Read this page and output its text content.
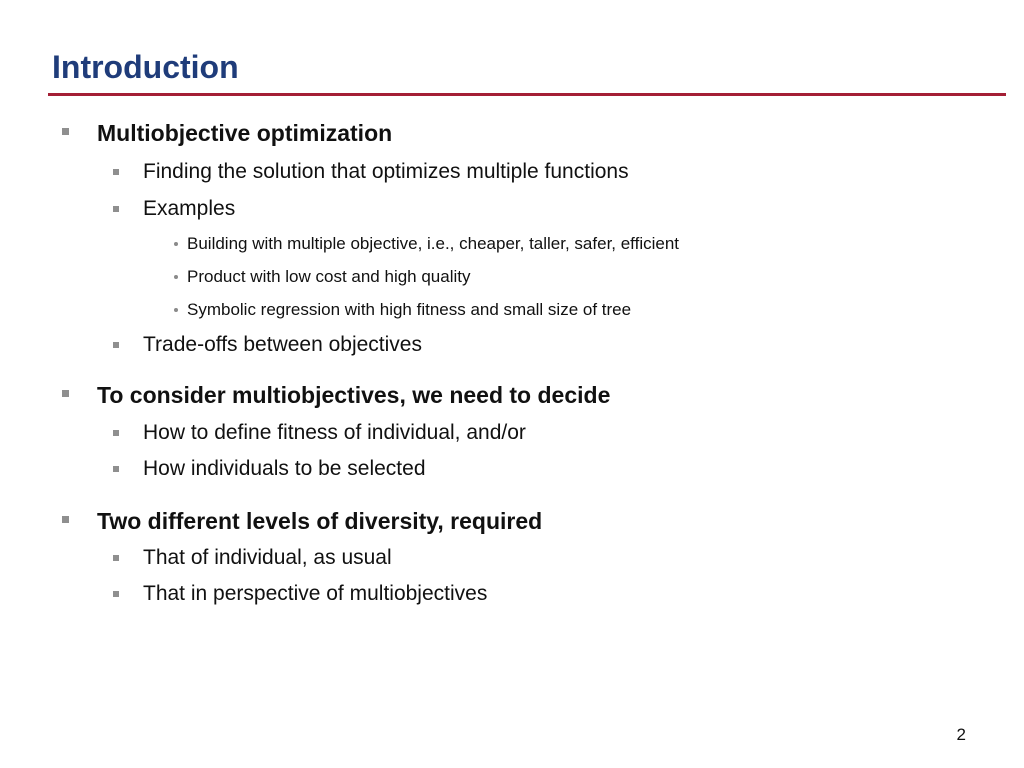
Introduction
Multiobjective optimization
Finding the solution that optimizes multiple functions
Examples
Building with multiple objective, i.e., cheaper, taller, safer, efficient
Product with low cost and high quality
Symbolic regression with high fitness and small size of tree
Trade-offs between objectives
To consider multiobjectives, we need to decide
How to define fitness of individual, and/or
How individuals to be selected
Two different levels of diversity, required
That of individual, as usual
That in perspective of multiobjectives
2
